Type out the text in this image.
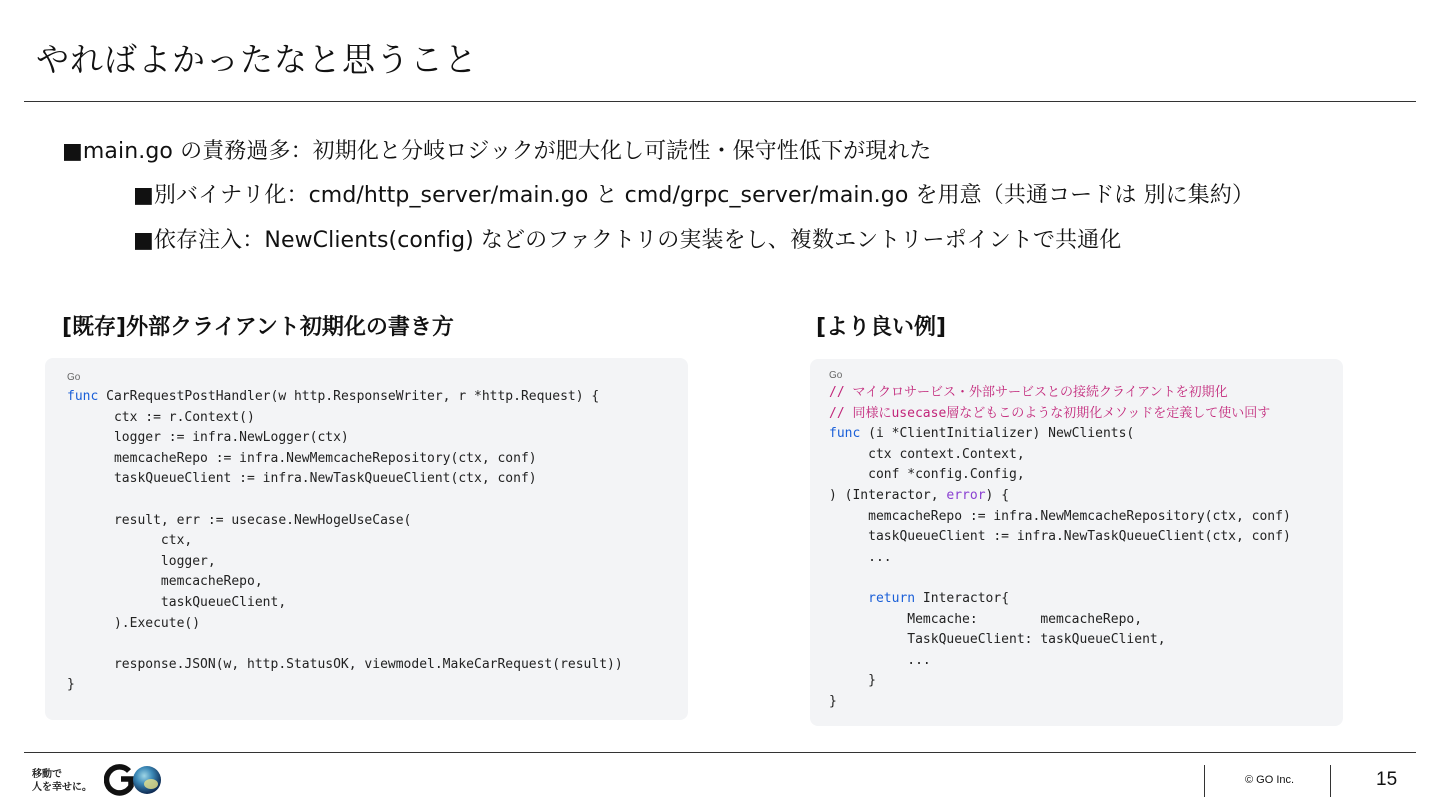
やればよかったなと思うこと
■main.go の責務過多：初期化と分岐ロジックが肥大化し可読性・保守性低下が現れた
■別バイナリ化：cmd/http_server/main.go と cmd/grpc_server/main.go を用意（共通コードは 別に集約）
■依存注入：NewClients(config) などのファクトリの実装をし、複数エントリーポイントで共通化
[既存]外部クライアント初期化の書き方	[より良い例]
Go
func CarRequestPostHandler(w http.ResponseWriter, r *http.Request) {
ctx := r.Context()
logger := infra.NewLogger(ctx)
memcacheRepo := infra.NewMemcacheRepository(ctx, conf)
taskQueueClient := infra.NewTaskQueueClient(ctx, conf)

result, err := usecase.NewHogeUseCase(
ctx,
logger,
memcacheRepo,
taskQueueClient,
).Execute()

response.JSON(w, http.StatusOK, viewmodel.MakeCarRequest(result))
}
Go
// マイクロサービス・外部サービスとの接続クライアントを初期化
// 同様にusecase層などもこのような初期化メソッドを定義して使い回す
func (i *ClientInitializer) NewClients(
ctx context.Context,
conf *config.Config,
) (Interactor, error) {
memcacheRepo := infra.NewMemcacheRepository(ctx, conf)
taskQueueClient := infra.NewTaskQueueClient(ctx, conf)
...

return Interactor{
Memcache:        memcacheRepo,
TaskQueueClient: taskQueueClient,
...
}
}
移動で
人を幸せに。
© GO Inc.	15
